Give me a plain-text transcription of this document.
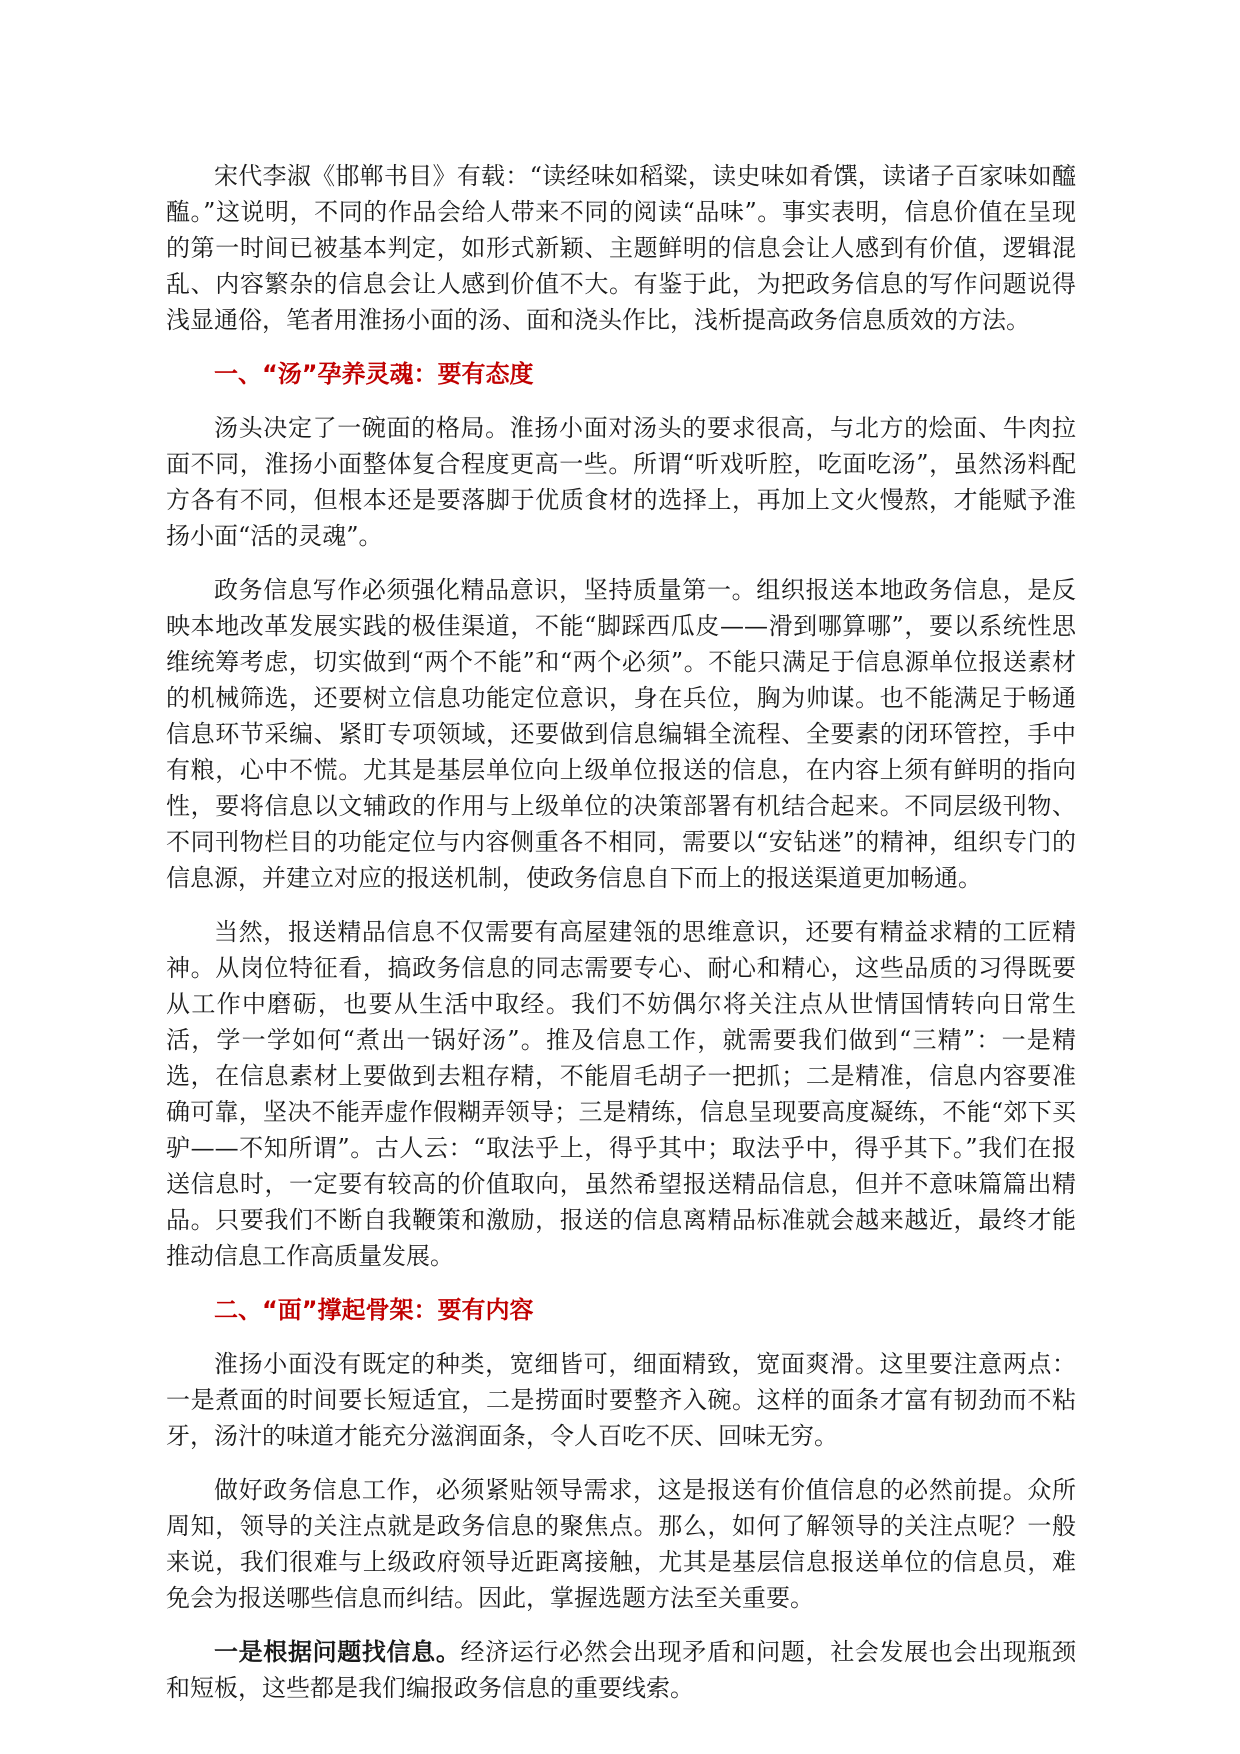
宋代李淑《邯郸书目》有载：“读经味如稻粱，读史味如肴馔，读诸子百家味如醯醢。”这说明，不同的作品会给人带来不同的阅读“品味”。事实表明，信息价值在呈现的第一时间已被基本判定，如形式新颖、主题鲜明的信息会让人感到有价值，逻辑混乱、内容繁杂的信息会让人感到价值不大。有鉴于此，为把政务信息的写作问题说得浅显通俗，笔者用淮扬小面的汤、面和浇头作比，浅析提高政务信息质效的方法。

一、“汤”孕养灵魂：要有态度

汤头决定了一碗面的格局。淮扬小面对汤头的要求很高，与北方的烩面、牛肉拉面不同，淮扬小面整体复合程度更高一些。所谓“听戏听腔，吃面吃汤”，虽然汤料配方各有不同，但根本还是要落脚于优质食材的选择上，再加上文火慢熬，才能赋予淮扬小面“活的灵魂”。

政务信息写作必须强化精品意识，坚持质量第一。组织报送本地政务信息，是反映本地改革发展实践的极佳渠道，不能“脚踩西瓜皮——滑到哪算哪”，要以系统性思维统筹考虑，切实做到“两个不能”和“两个必须”。不能只满足于信息源单位报送素材的机械筛选，还要树立信息功能定位意识，身在兵位，胸为帅谋。也不能满足于畅通信息环节采编、紧盯专项领域，还要做到信息编辑全流程、全要素的闭环管控，手中有粮，心中不慌。尤其是基层单位向上级单位报送的信息，在内容上须有鲜明的指向性，要将信息以文辅政的作用与上级单位的决策部署有机结合起来。不同层级刊物、不同刊物栏目的功能定位与内容侧重各不相同，需要以“安钻迷”的精神，组织专门的信息源，并建立对应的报送机制，使政务信息自下而上的报送渠道更加畅通。

当然，报送精品信息不仅需要有高屋建瓴的思维意识，还要有精益求精的工匠精神。从岗位特征看，搞政务信息的同志需要专心、耐心和精心，这些品质的习得既要从工作中磨砺，也要从生活中取经。我们不妨偶尔将关注点从世情国情转向日常生活，学一学如何“煮出一锅好汤”。推及信息工作，就需要我们做到“三精”：一是精选，在信息素材上要做到去粗存精，不能眉毛胡子一把抓；二是精准，信息内容要准确可靠，坚决不能弄虚作假糊弄领导；三是精练，信息呈现要高度凝练，不能“郊下买驴——不知所谓”。古人云：“取法乎上，得乎其中；取法乎中，得乎其下。”我们在报送信息时，一定要有较高的价值取向，虽然希望报送精品信息，但并不意味篇篇出精品。只要我们不断自我鞭策和激励，报送的信息离精品标准就会越来越近，最终才能推动信息工作高质量发展。

二、“面”撑起骨架：要有内容

淮扬小面没有既定的种类，宽细皆可，细面精致，宽面爽滑。这里要注意两点：一是煮面的时间要长短适宜，二是捞面时要整齐入碗。这样的面条才富有韧劲而不粘牙，汤汁的味道才能充分滋润面条，令人百吃不厌、回味无穷。

做好政务信息工作，必须紧贴领导需求，这是报送有价值信息的必然前提。众所周知，领导的关注点就是政务信息的聚焦点。那么，如何了解领导的关注点呢？一般来说，我们很难与上级政府领导近距离接触，尤其是基层信息报送单位的信息员，难免会为报送哪些信息而纠结。因此，掌握选题方法至关重要。

一是根据问题找信息。经济运行必然会出现矛盾和问题，社会发展也会出现瓶颈和短板，这些都是我们编报政务信息的重要线索。
